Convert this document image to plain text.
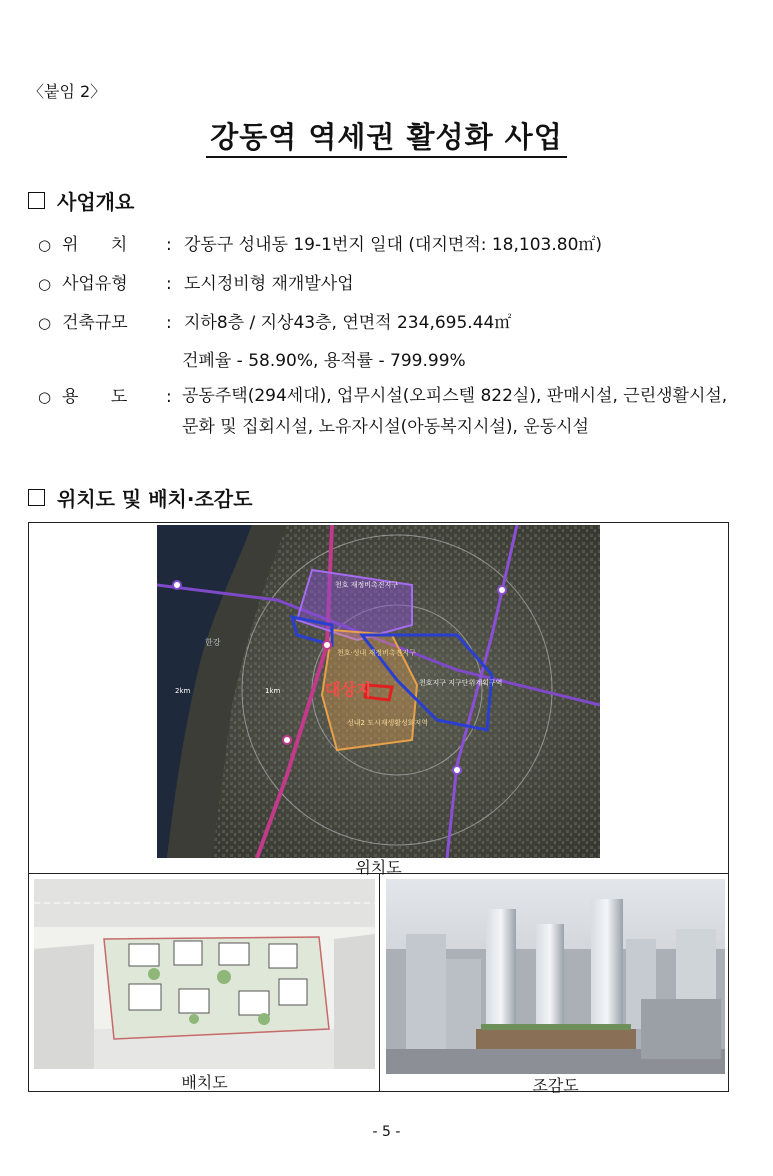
〈붙임 2〉
강동역 역세권 활성화 사업
사업개요
○ 위      치	: 강동구 성내동 19-1번지 일대 (대지면적: 18,103.80㎡)
○ 사업유형	: 도시정비형 재개발사업
○ 건축규모	: 지하8층 / 지상43층, 연면적 234,695.44㎡
건폐율 - 58.90%, 용적률 - 799.99%
○ 용      도	: 공동주택(294세대), 업무시설(오피스텔 822실), 판매시설, 근린생활시설, 문화 및 집회시설, 노유자시설(아동복지시설), 운동시설
위치도 및 배치·조감도
대상지
천호 재정비촉진지구
천호·성내 재정비촉진지구
천호지구 지구단위계획구역
성내2 도시재생활성화지역
한강
2km	1km
위치도
배치도	조감도
- 5 -
